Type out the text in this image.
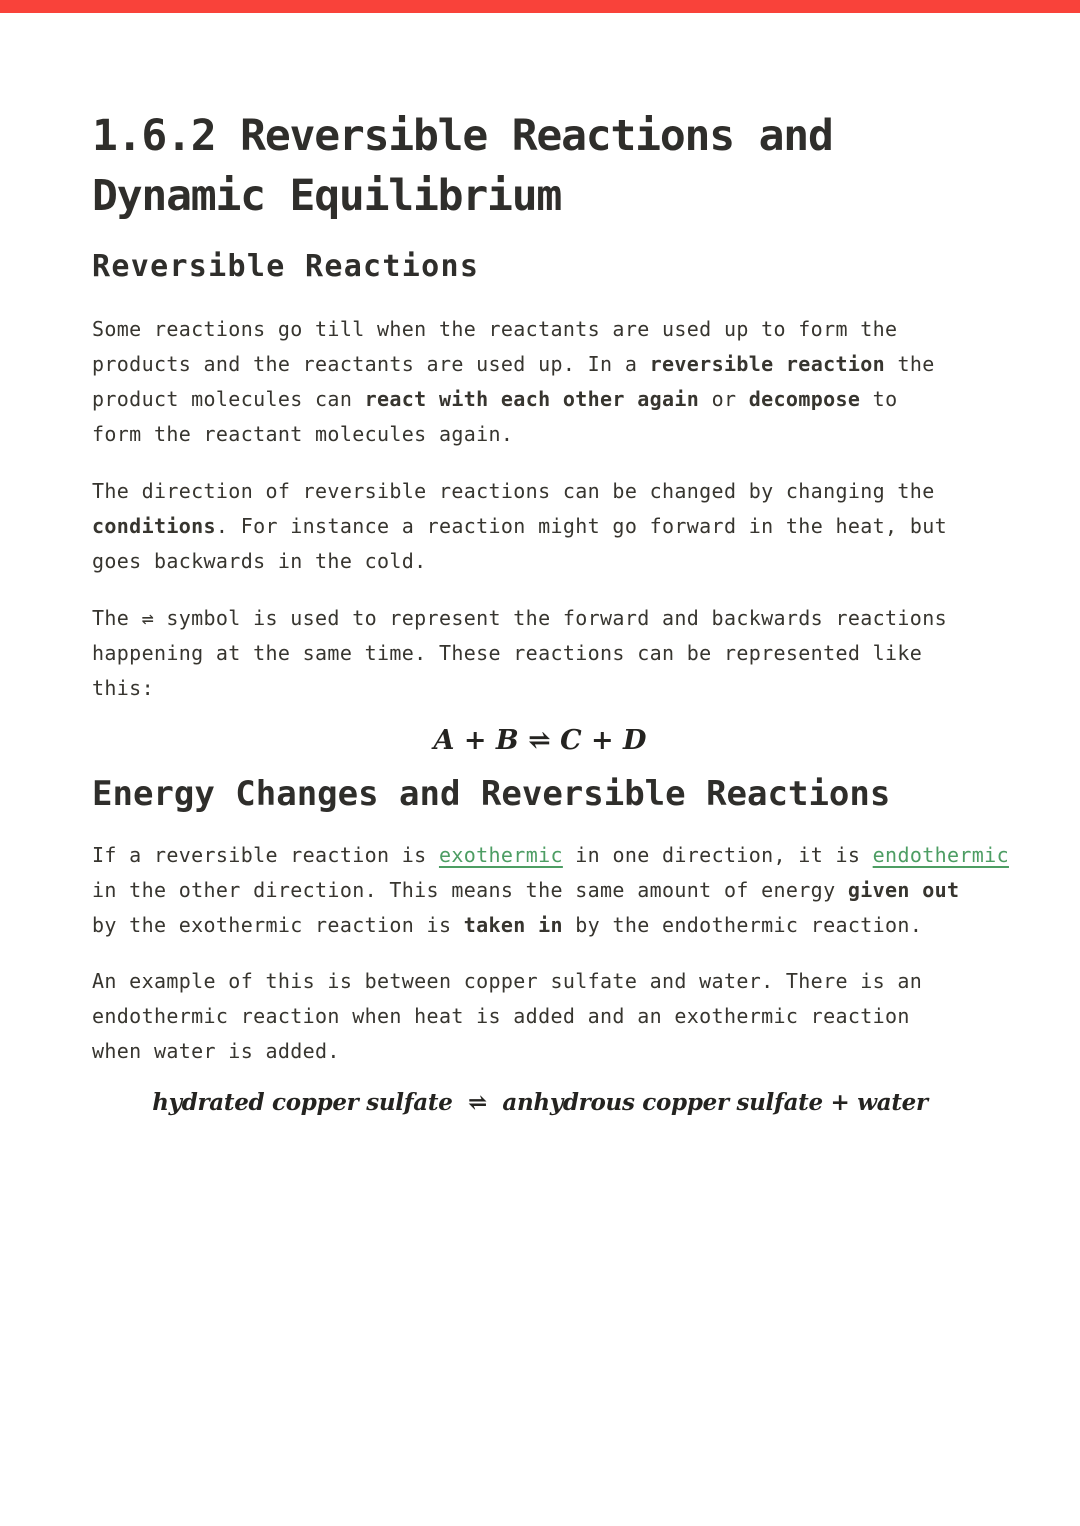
1.6.2 Reversible Reactions and Dynamic Equilibrium
Reversible Reactions
Some reactions go till when the reactants are used up to form the
products and the reactants are used up. In a reversible reaction the
product molecules can react with each other again or decompose to
form the reactant molecules again.
The direction of reversible reactions can be changed by changing the
conditions. For instance a reaction might go forward in the heat, but
goes backwards in the cold.
The ⇌ symbol is used to represent the forward and backwards reactions
happening at the same time. These reactions can be represented like
this:
A + B ⇌ C + D
Energy Changes and Reversible Reactions
If a reversible reaction is exothermic in one direction, it is endothermic
in the other direction. This means the same amount of energy given out
by the exothermic reaction is taken in by the endothermic reaction.
An example of this is between copper sulfate and water. There is an
endothermic reaction when heat is added and an exothermic reaction
when water is added.
hydrated copper sulfate  ⇌  anhydrous copper sulfate + water
